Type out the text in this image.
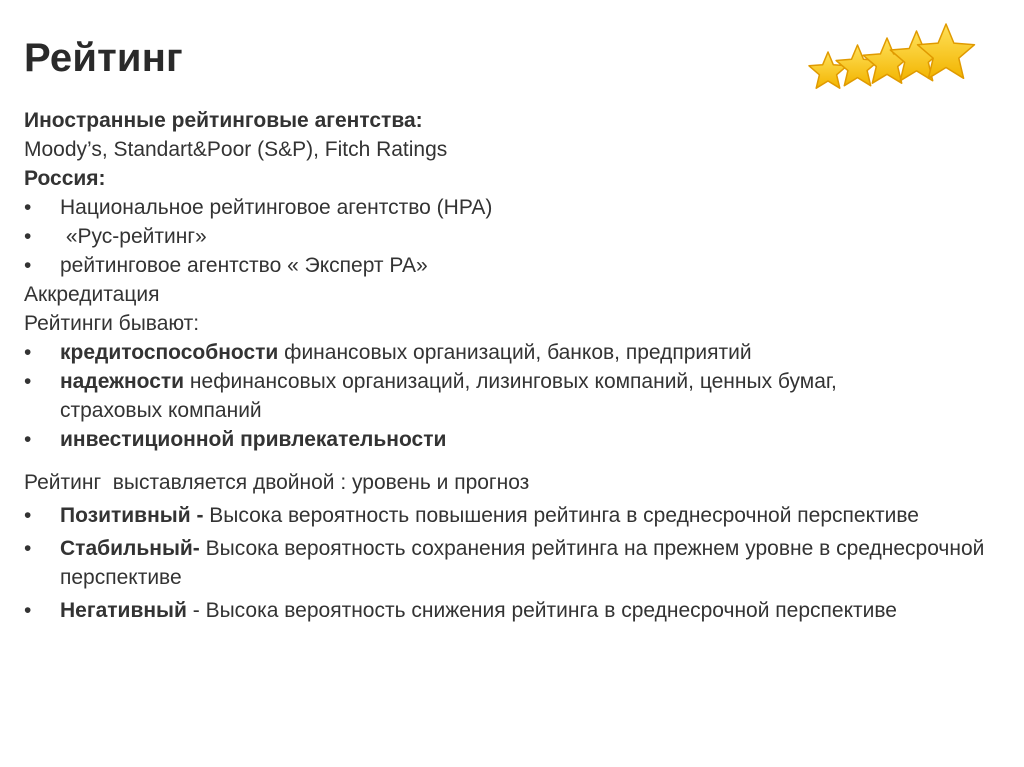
Рейтинг
Иностранные рейтинговые агентства:
Moody’s, Standart&Poor (S&P), Fitch Ratings
Россия:
• Национальное рейтинговое агентство (НРА)
• «Рус-рейтинг»
• рейтинговое агентство « Эксперт РА»
Аккредитация
Рейтинги бывают:
• кредитоспособности финансовых организаций, банков, предприятий
• надежности нефинансовых организаций, лизинговых компаний, ценных бумаг, страховых компаний
• инвестиционной привлекательности
Рейтинг  выставляется двойной : уровень и прогноз
• Позитивный - Высока вероятность повышения рейтинга в среднесрочной перспективе
• Стабильный- Высока вероятность сохранения рейтинга на прежнем уровне в среднесрочной перспективе
• Негативный - Высока вероятность снижения рейтинга в среднесрочной перспективе
